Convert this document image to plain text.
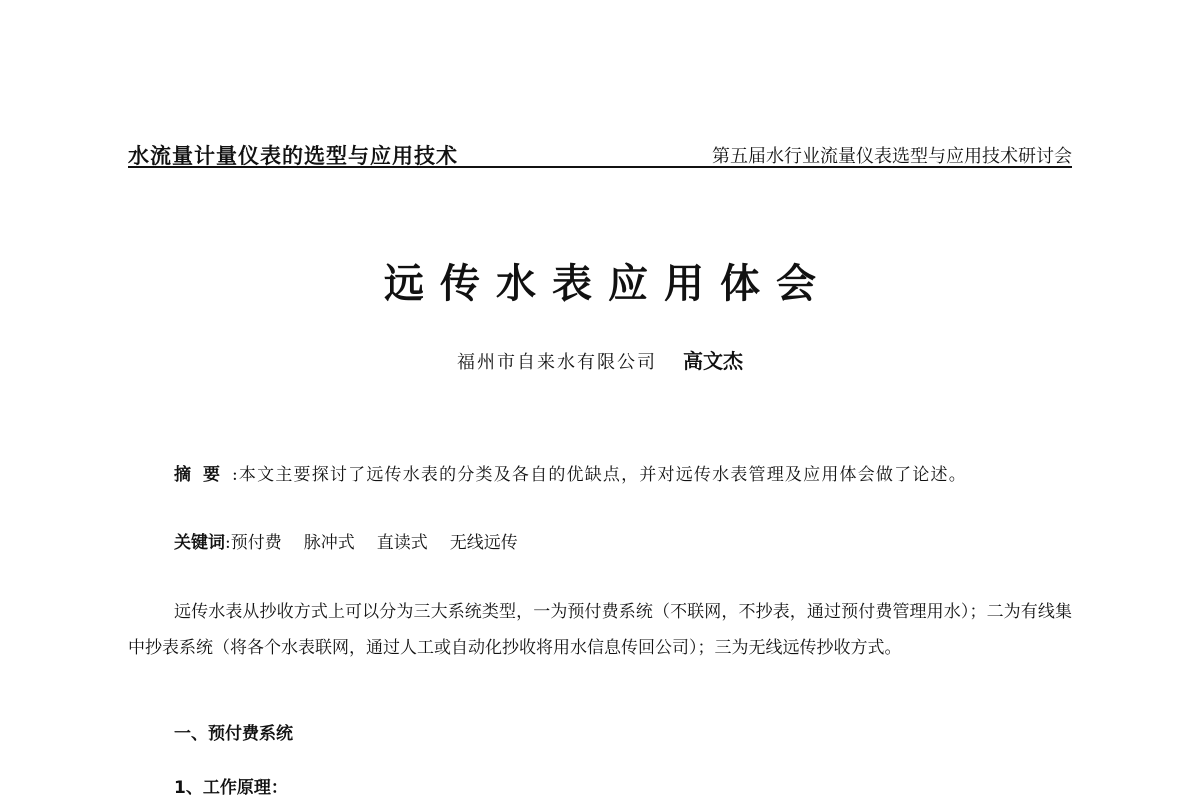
水流量计量仪表的选型与应用技术	第五届水行业流量仪表选型与应用技术研讨会
远传水表应用体会
福州市自来水有限公司 高文杰
摘要:本文主要探讨了远传水表的分类及各自的优缺点，并对远传水表管理及应用体会做了论述。
关键词:预付费 脉冲式 直读式 无线远传
远传水表从抄收方式上可以分为三大系统类型，一为预付费系统（不联网，不抄表，通过预付费管理用水）；二为有线集中抄表系统（将各个水表联网，通过人工或自动化抄收将用水信息传回公司）；三为无线远传抄收方式。
一、预付费系统
1、工作原理：
